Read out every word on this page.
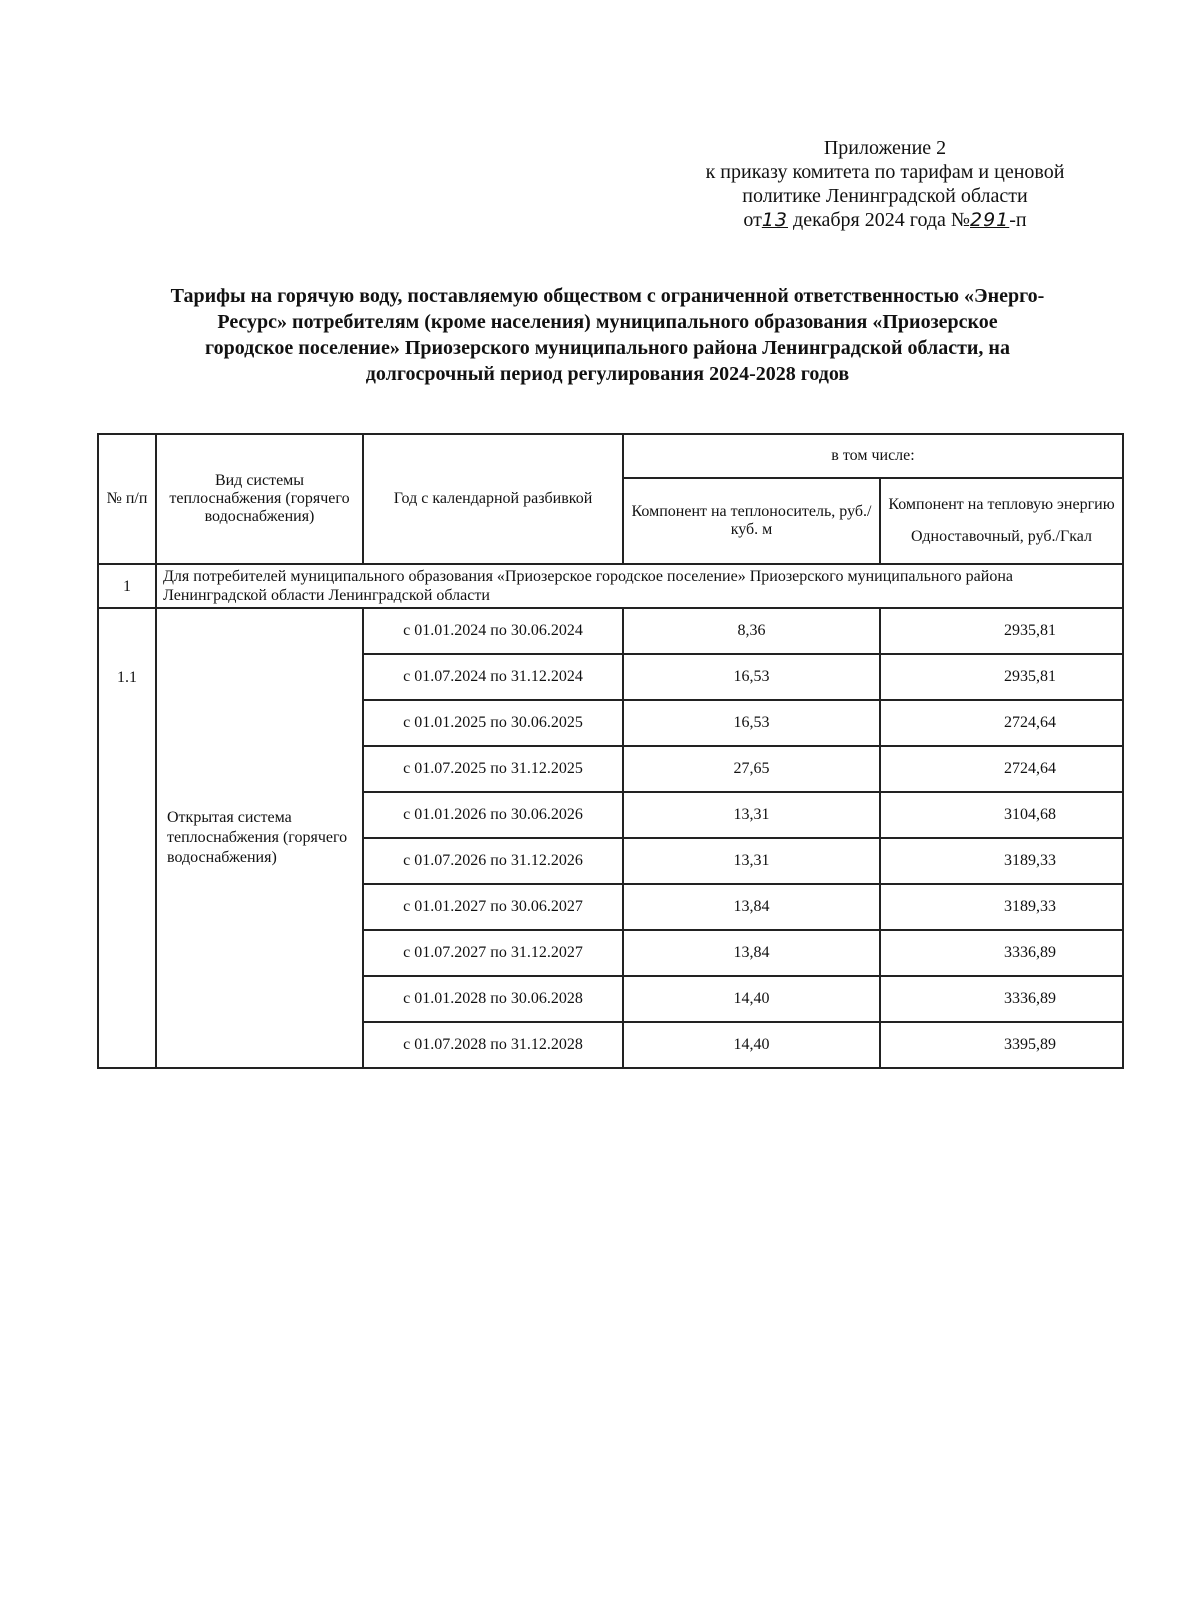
Приложение 2
к приказу комитета по тарифам и ценовой
политике Ленинградской области
от13 декабря 2024 года №291-п
Тарифы на горячую воду, поставляемую обществом с ограниченной ответственностью «Энерго-
Ресурс» потребителям (кроме населения) муниципального образования «Приозерское
городское поселение» Приозерского муниципального района Ленинградской области, на
долгосрочный период регулирования 2024-2028 годов
№ п/п	Вид системы теплоснабжения (горячего водоснабжения)	Год с календарной разбивкой	в том числе:	
			Компонент на теплоноситель, руб./куб. м	Компонент на тепловую энергию
Одноставочный, руб./Гкал
1	Для потребителей муниципального образования «Приозерское городское поселение» Приозерского муниципального района Ленинградской области Ленинградской области			
1.1	Открытая система теплоснабжения (горячего водоснабжения)	с 01.01.2024 по 30.06.2024	8,36	2935,81
		с 01.07.2024 по 31.12.2024	16,53	2935,81
		с 01.01.2025 по 30.06.2025	16,53	2724,64
		с 01.07.2025 по 31.12.2025	27,65	2724,64
		с 01.01.2026 по 30.06.2026	13,31	3104,68
		с 01.07.2026 по 31.12.2026	13,31	3189,33
		с 01.01.2027 по 30.06.2027	13,84	3189,33
		с 01.07.2027 по 31.12.2027	13,84	3336,89
		с 01.01.2028 по 30.06.2028	14,40	3336,89
		с 01.07.2028 по 31.12.2028	14,40	3395,89
